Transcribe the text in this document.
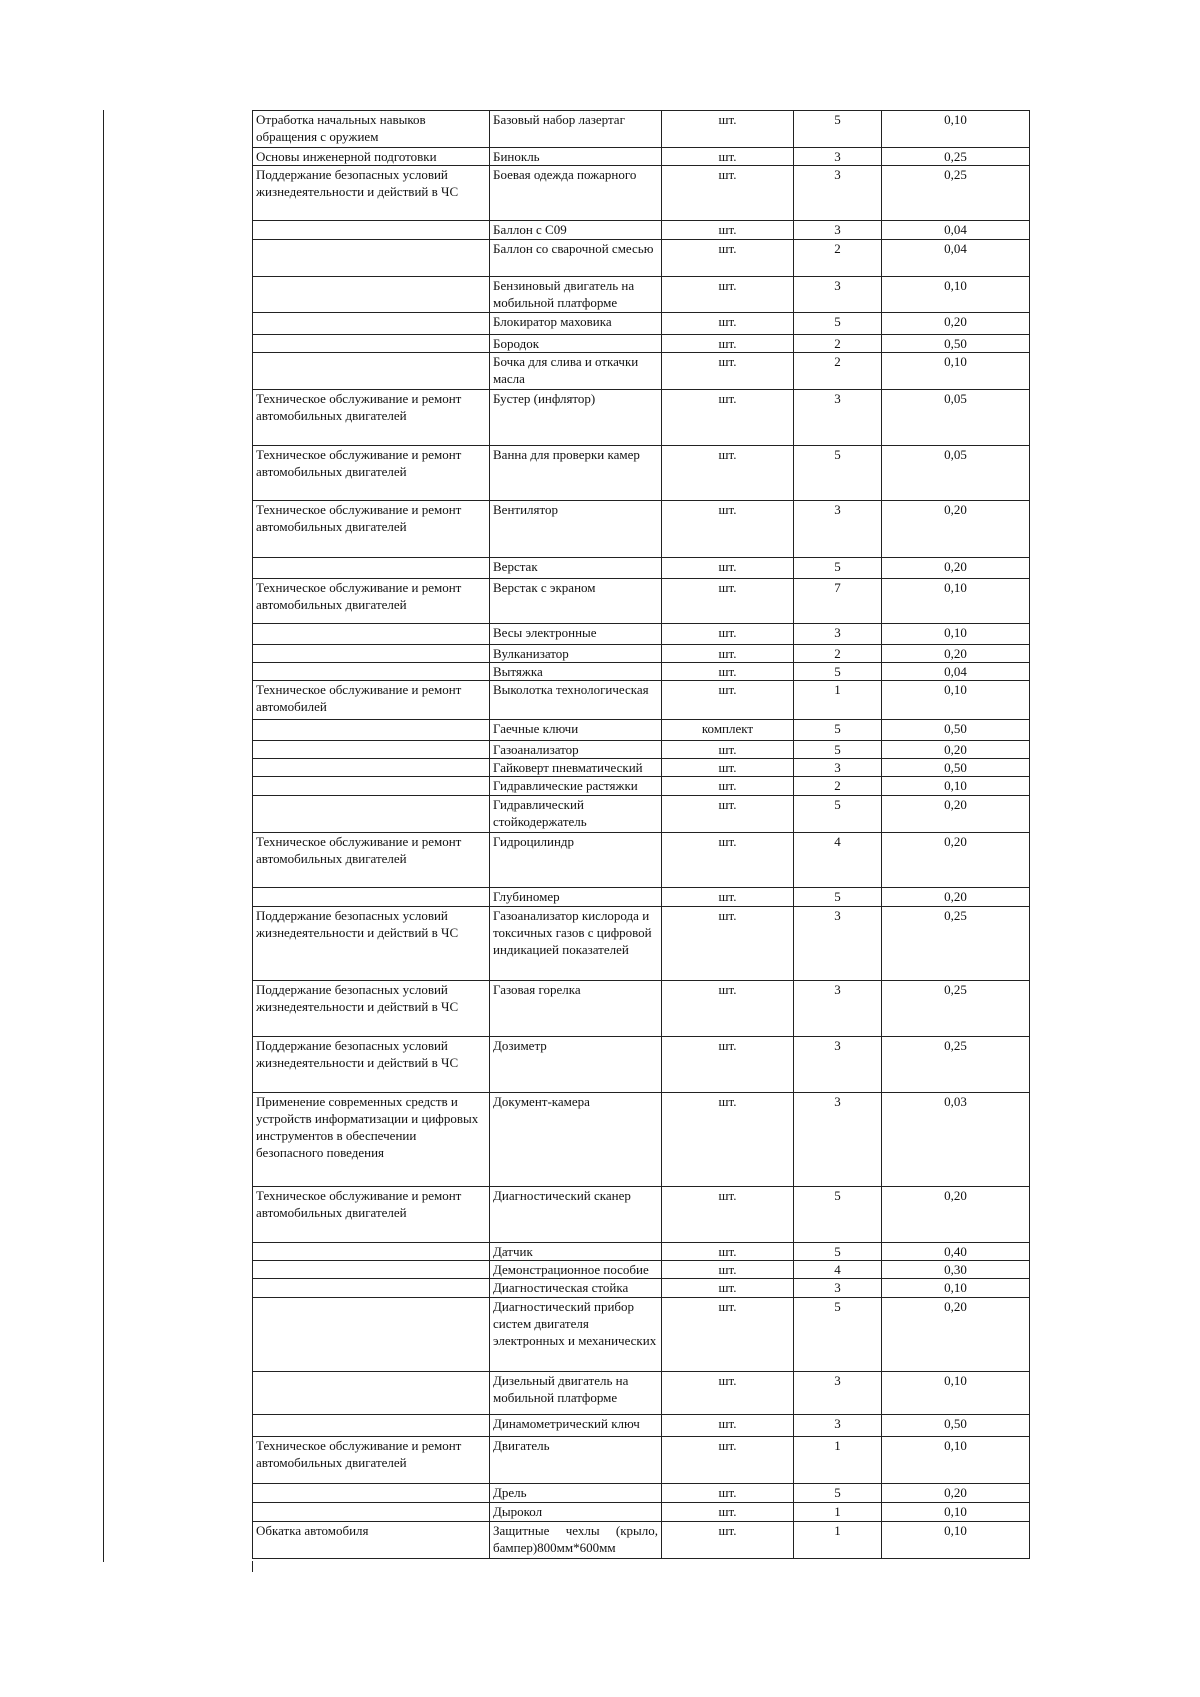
Отработка начальных навыков обращения с оружием	Базовый набор лазертаг	шт.	5	0,10
Основы инженерной подготовки	Бинокль	шт.	3	0,25
Поддержание безопасных условий жизнедеятельности и действий в ЧС	Боевая одежда пожарного	шт.	3	0,25
	Баллон с С09	шт.	3	0,04
	Баллон со сварочной смесью	шт.	2	0,04
	Бензиновый двигатель на мобильной платформе	шт.	3	0,10
	Блокиратор маховика	шт.	5	0,20
	Бородок	шт.	2	0,50
	Бочка для слива и откачки масла	шт.	2	0,10
Техническое обслуживание и ремонт автомобильных двигателей	Бустер (инфлятор)	шт.	3	0,05
Техническое обслуживание и ремонт автомобильных двигателей	Ванна для проверки камер	шт.	5	0,05
Техническое обслуживание и ремонт автомобильных двигателей	Вентилятор	шт.	3	0,20
	Верстак	шт.	5	0,20
Техническое обслуживание и ремонт автомобильных двигателей	Верстак с экраном	шт.	7	0,10
	Весы электронные	шт.	3	0,10
	Вулканизатор	шт.	2	0,20
	Вытяжка	шт.	5	0,04
Техническое обслуживание и ремонт автомобилей	Выколотка технологическая	шт.	1	0,10
	Гаечные ключи	комплект	5	0,50
	Газоанализатор	шт.	5	0,20
	Гайковерт пневматический	шт.	3	0,50
	Гидравлические растяжки	шт.	2	0,10
	Гидравлический стойкодержатель	шт.	5	0,20
Техническое обслуживание и ремонт автомобильных двигателей	Гидроцилиндр	шт.	4	0,20
	Глубиномер	шт.	5	0,20
Поддержание безопасных условий жизнедеятельности и действий в ЧС	Газоанализатор кислорода и токсичных газов с цифровой индикацией показателей	шт.	3	0,25
Поддержание безопасных условий жизнедеятельности и действий в ЧС	Газовая горелка	шт.	3	0,25
Поддержание безопасных условий жизнедеятельности и действий в ЧС	Дозиметр	шт.	3	0,25
Применение современных средств и устройств информатизации и цифровых инструментов в обеспечении безопасного поведения	Документ-камера	шт.	3	0,03
Техническое обслуживание и ремонт автомобильных двигателей	Диагностический сканер	шт.	5	0,20
	Датчик	шт.	5	0,40
	Демонстрационное пособие	шт.	4	0,30
	Диагностическая стойка	шт.	3	0,10
	Диагностический прибор систем двигателя электронных и механических	шт.	5	0,20
	Дизельный двигатель на мобильной платформе	шт.	3	0,10
	Динамометрический ключ	шт.	3	0,50
Техническое обслуживание и ремонт автомобильных двигателей	Двигатель	шт.	1	0,10
	Дрель	шт.	5	0,20
	Дырокол	шт.	1	0,10
Обкатка автомобиля	Защитные чехлы (крыло, бампер)800мм*600мм	шт.	1	0,10
